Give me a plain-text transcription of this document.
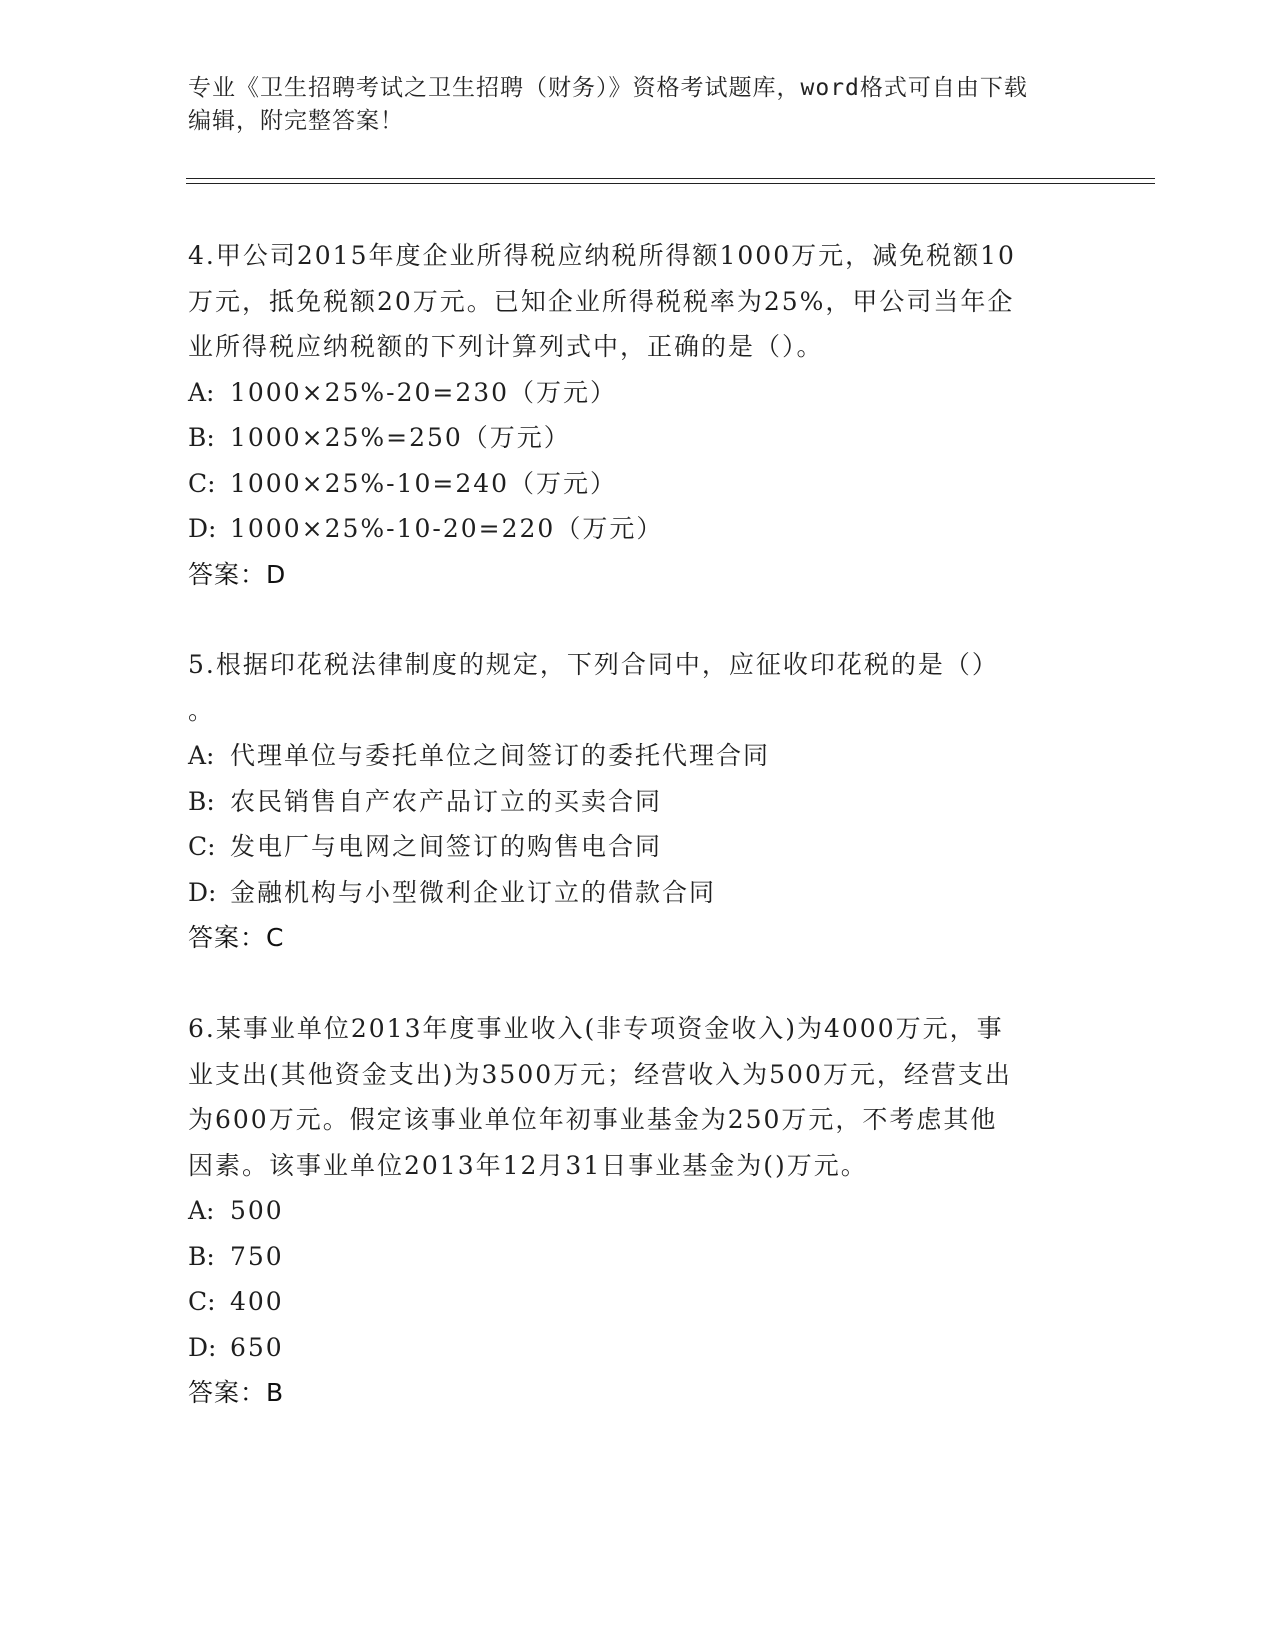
专业《卫生招聘考试之卫生招聘（财务）》资格考试题库，word格式可自由下载
编辑，附完整答案！

4.甲公司2015年度企业所得税应纳税所得额1000万元，减免税额10

万元，抵免税额20万元。已知企业所得税税率为25%，甲公司当年企

业所得税应纳税额的下列计算列式中，正确的是（）。

A: 1000×25%-20=230（万元）

B: 1000×25%=250（万元）

C: 1000×25%-10=240（万元）

D: 1000×25%-10-20=220（万元）

答案：D

5.根据印花税法律制度的规定，下列合同中，应征收印花税的是（）

。

A: 代理单位与委托单位之间签订的委托代理合同

B: 农民销售自产农产品订立的买卖合同

C: 发电厂与电网之间签订的购售电合同

D: 金融机构与小型微利企业订立的借款合同

答案：C

6.某事业单位2013年度事业收入(非专项资金收入)为4000万元，事

业支出(其他资金支出)为3500万元；经营收入为500万元，经营支出

为600万元。假定该事业单位年初事业基金为250万元，不考虑其他

因素。该事业单位2013年12月31日事业基金为()万元。

A: 500

B: 750

C: 400

D: 650

答案：B
